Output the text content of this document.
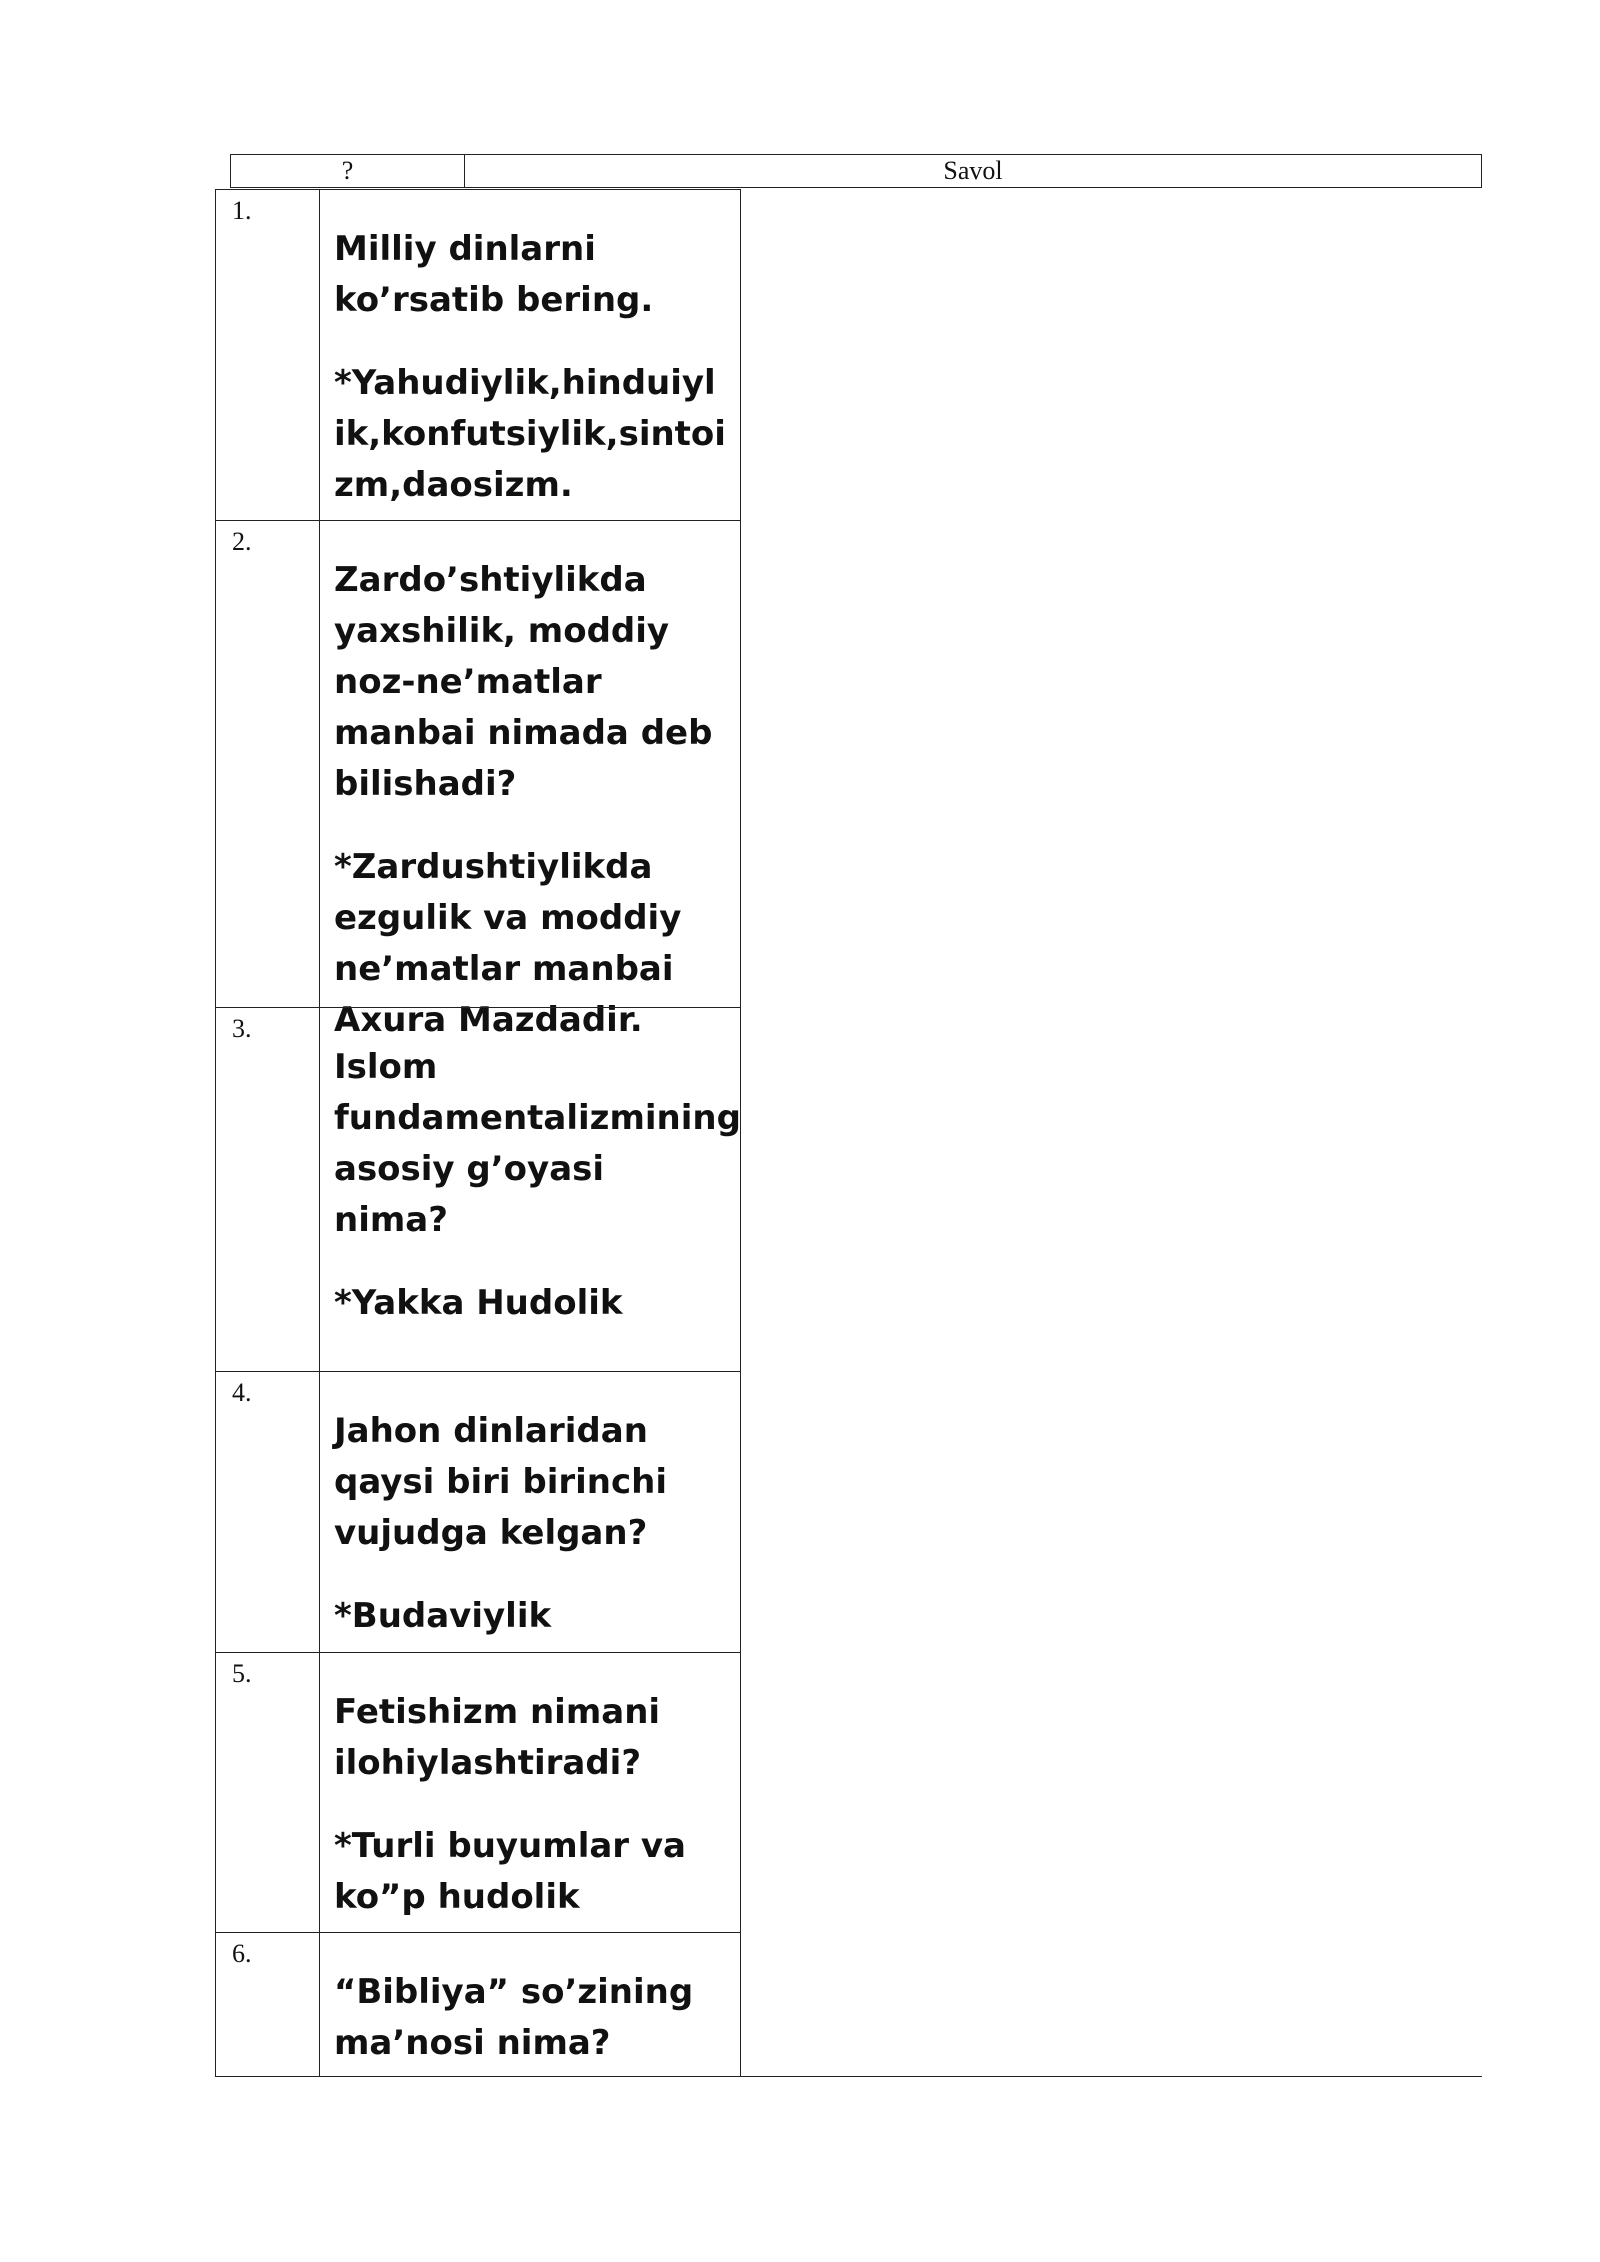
?	Savol
1.

Milliy dinlarni ko’rsatib bering.

*Yahudiylik,hinduiylik,konfutsiylik,sintoizm,daosizm.

2.

Zardo’shtiylikda yaxshilik, moddiy noz-ne’matlar manbai nimada deb bilishadi?

*Zardushtiylikda ezgulik va moddiy ne’matlar manbai Axura Mazdadir.

3.

Islom fundamentalizmining asosiy g’oyasi nima?

*Yakka Hudolik

4.

Jahon dinlaridan qaysi biri birinchi vujudga kelgan?

*Budaviylik

5.

Fetishizm nimani ilohiylashtiradi?

*Turli buyumlar va ko”p hudolik

6.

“Bibliya” so’zining ma’nosi nima?
